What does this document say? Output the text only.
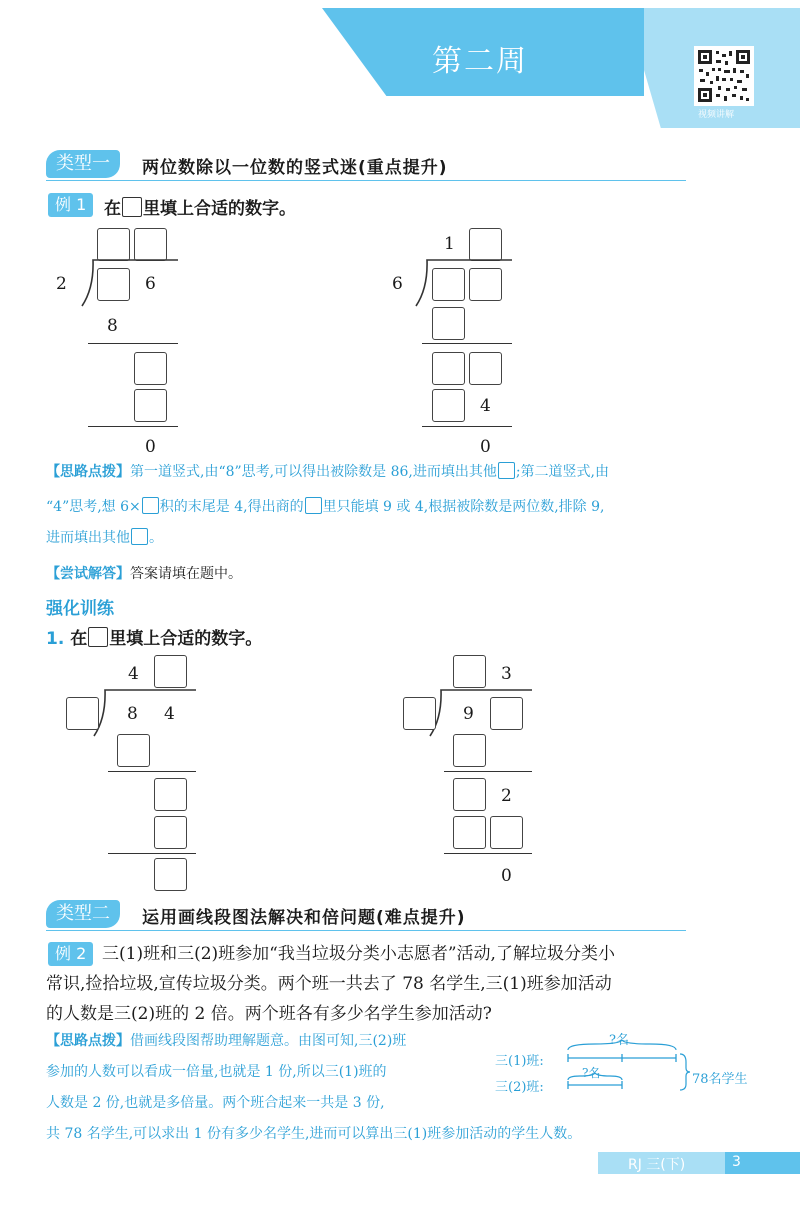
第二周
视频讲解
类型一	两位数除以一位数的竖式迷(重点提升)
例 1	在 里填上合适的数字。
2	6
8
0
1
6
4
0
【思路点拨】第一道竖式,由“8”思考,可以得出被除数是 86,进而填出其他 ;第二道竖式,由
“4”思考,想 6× 积的末尾是 4,得出商的 里只能填 9 或 4,根据被除数是两位数,排除 9,
进而填出其他 。
【尝试解答】答案请填在题中。
强化训练
1. 在 里填上合适的数字。
4
8 4
3
9
2
0
类型二	运用画线段图法解决和倍问题(难点提升)
例 2 三(1)班和三(2)班参加“我当垃圾分类小志愿者”活动,了解垃圾分类小
常识,捡拾垃圾,宣传垃圾分类。两个班一共去了 78 名学生,三(1)班参加活动
的人数是三(2)班的 2 倍。两个班各有多少名学生参加活动?
【思路点拨】借画线段图帮助理解题意。由图可知,三(2)班
参加的人数可以看成一倍量,也就是 1 份,所以三(1)班的
人数是 2 份,也就是多倍量。两个班合起来一共是 3 份,
共 78 名学生,可以求出 1 份有多少名学生,进而可以算出三(1)班参加活动的学生人数。
三(1)班:
三(2)班:
?名
?名	78名学生
RJ 三(下)	3
